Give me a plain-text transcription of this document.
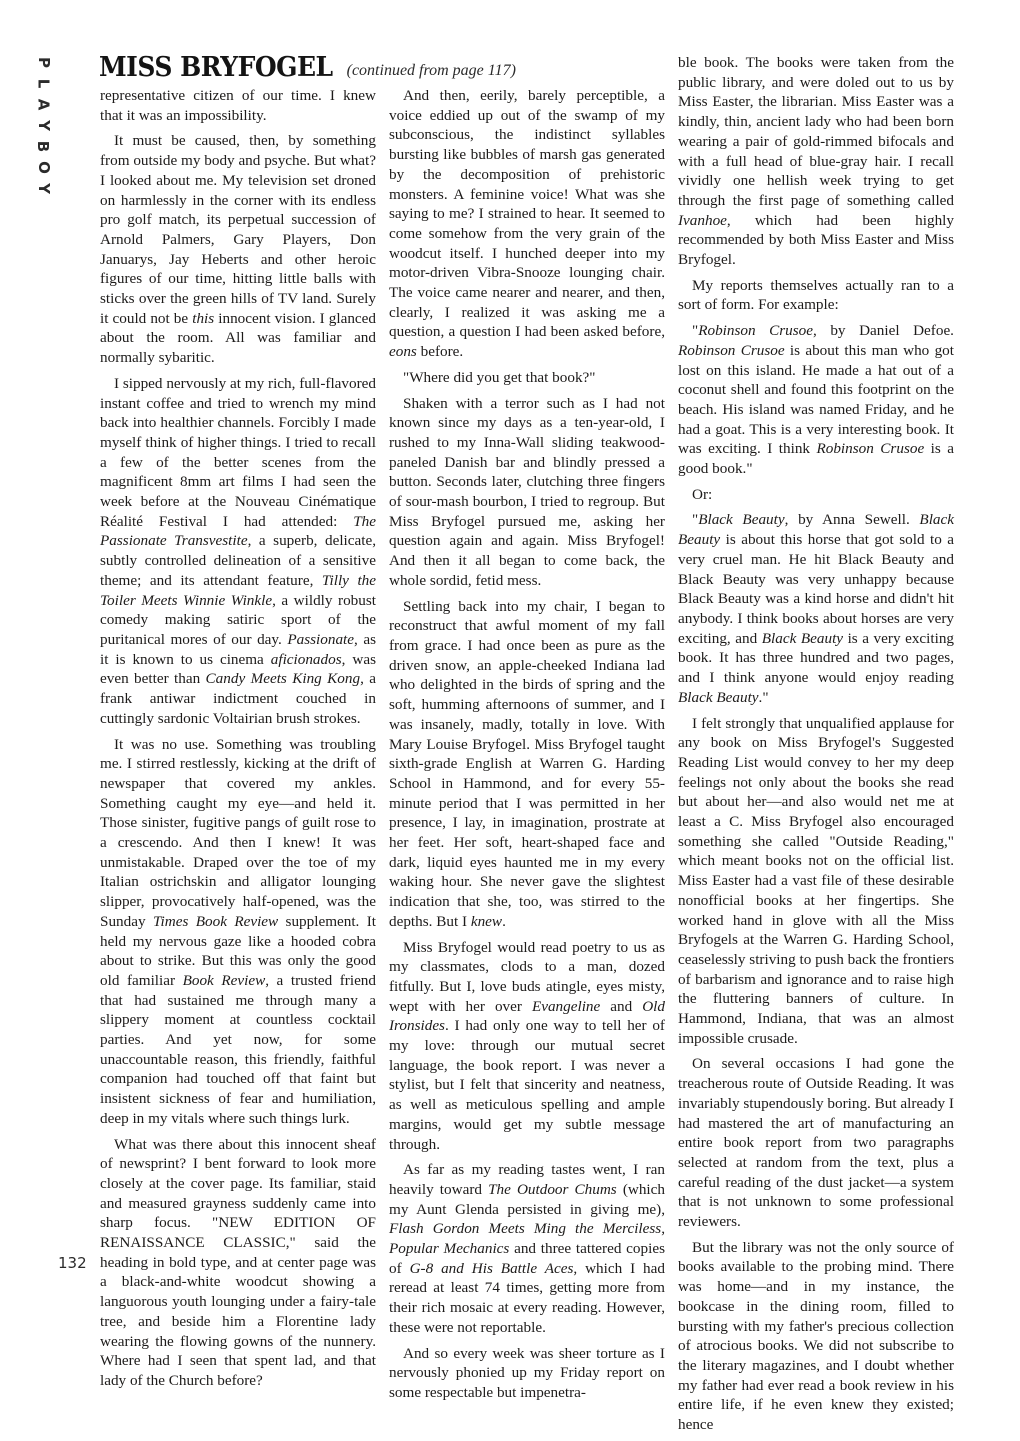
P
L
A
Y
B
O
Y
MISS BRYFOGEL (continued from page 117)

representative citizen of our time. I knew that it was an impossibility.

It must be caused, then, by something from outside my body and psyche. But what? I looked about me. My television set droned on harmlessly in the corner with its endless pro golf match, its perpetual succession of Arnold Palmers, Gary Players, Don Januarys, Jay Heberts and other heroic figures of our time, hitting little balls with sticks over the green hills of TV land. Surely it could not be this innocent vision. I glanced about the room. All was familiar and normally sybaritic.

I sipped nervously at my rich, full-flavored instant coffee and tried to wrench my mind back into healthier channels. Forcibly I made myself think of higher things. I tried to recall a few of the better scenes from the magnificent 8mm art films I had seen the week before at the Nouveau Cinématique Réalité Festival I had attended: The Passionate Transvestite, a superb, delicate, subtly controlled delineation of a sensitive theme; and its attendant feature, Tilly the Toiler Meets Winnie Winkle, a wildly robust comedy making satiric sport of the puritanical mores of our day. Passionate, as it is known to us cinema aficionados, was even better than Candy Meets King Kong, a frank antiwar indictment couched in cuttingly sardonic Voltairian brush strokes.

It was no use. Something was troubling me. I stirred restlessly, kicking at the drift of newspaper that covered my ankles. Something caught my eye—and held it. Those sinister, fugitive pangs of guilt rose to a crescendo. And then I knew! It was unmistakable. Draped over the toe of my Italian ostrichskin and alligator lounging slipper, provocatively half-opened, was the Sunday Times Book Review supplement. It held my nervous gaze like a hooded cobra about to strike. But this was only the good old familiar Book Review, a trusted friend that had sustained me through many a slippery moment at countless cocktail parties. And yet now, for some unaccountable reason, this friendly, faithful companion had touched off that faint but insistent sickness of fear and humiliation, deep in my vitals where such things lurk.

What was there about this innocent sheaf of newsprint? I bent forward to look more closely at the cover page. Its familiar, staid and measured grayness suddenly came into sharp focus. "NEW EDITION OF RENAISSANCE CLASSIC," said the heading in bold type, and at center page was a black-and-white woodcut showing a languorous youth lounging under a fairy-tale tree, and beside him a Florentine lady wearing the flowing gowns of the nunnery. Where had I seen that spent lad, and that lady of the Church before?

And then, eerily, barely perceptible, a voice eddied up out of the swamp of my subconscious, the indistinct syllables bursting like bubbles of marsh gas generated by the decomposition of prehistoric monsters. A feminine voice! What was she saying to me? I strained to hear. It seemed to come somehow from the very grain of the woodcut itself. I hunched deeper into my motor-driven Vibra-Snooze lounging chair. The voice came nearer and nearer, and then, clearly, I realized it was asking me a question, a question I had been asked before, eons before.

"Where did you get that book?"

Shaken with a terror such as I had not known since my days as a ten-year-old, I rushed to my Inna-Wall sliding teakwood-paneled Danish bar and blindly pressed a button. Seconds later, clutching three fingers of sour-mash bourbon, I tried to regroup. But Miss Bryfogel pursued me, asking her question again and again. Miss Bryfogel! And then it all began to come back, the whole sordid, fetid mess.

Settling back into my chair, I began to reconstruct that awful moment of my fall from grace. I had once been as pure as the driven snow, an apple-cheeked Indiana lad who delighted in the birds of spring and the soft, humming afternoons of summer, and I was insanely, madly, totally in love. With Mary Louise Bryfogel. Miss Bryfogel taught sixth-grade English at Warren G. Harding School in Hammond, and for every 55-minute period that I was permitted in her presence, I lay, in imagination, prostrate at her feet. Her soft, heart-shaped face and dark, liquid eyes haunted me in my every waking hour. She never gave the slightest indication that she, too, was stirred to the depths. But I knew.

Miss Bryfogel would read poetry to us as my classmates, clods to a man, dozed fitfully. But I, love buds atingle, eyes misty, wept with her over Evangeline and Old Ironsides. I had only one way to tell her of my love: through our mutual secret language, the book report. I was never a stylist, but I felt that sincerity and neatness, as well as meticulous spelling and ample margins, would get my subtle message through.

As far as my reading tastes went, I ran heavily toward The Outdoor Chums (which my Aunt Glenda persisted in giving me), Flash Gordon Meets Ming the Merciless, Popular Mechanics and three tattered copies of G-8 and His Battle Aces, which I had reread at least 74 times, getting more from their rich mosaic at every reading. However, these were not reportable.

And so every week was sheer torture as I nervously phonied up my Friday report on some respectable but impenetra-

ble book. The books were taken from the public library, and were doled out to us by Miss Easter, the librarian. Miss Easter was a kindly, thin, ancient lady who had been born wearing a pair of gold-rimmed bifocals and with a full head of blue-gray hair. I recall vividly one hellish week trying to get through the first page of something called Ivanhoe, which had been highly recommended by both Miss Easter and Miss Bryfogel.

My reports themselves actually ran to a sort of form. For example:

"Robinson Crusoe, by Daniel Defoe. Robinson Crusoe is about this man who got lost on this island. He made a hat out of a coconut shell and found this footprint on the beach. His island was named Friday, and he had a goat. This is a very interesting book. It was exciting. I think Robinson Crusoe is a good book."

Or:

"Black Beauty, by Anna Sewell. Black Beauty is about this horse that got sold to a very cruel man. He hit Black Beauty and Black Beauty was very unhappy because Black Beauty was a kind horse and didn't hit anybody. I think books about horses are very exciting, and Black Beauty is a very exciting book. It has three hundred and two pages, and I think anyone would enjoy reading Black Beauty."

I felt strongly that unqualified applause for any book on Miss Bryfogel's Suggested Reading List would convey to her my deep feelings not only about the books she read but about her—and also would net me at least a C. Miss Bryfogel also encouraged something she called "Outside Reading," which meant books not on the official list. Miss Easter had a vast file of these desirable nonofficial books at her fingertips. She worked hand in glove with all the Miss Bryfogels at the Warren G. Harding School, ceaselessly striving to push back the frontiers of barbarism and ignorance and to raise high the fluttering banners of culture. In Hammond, Indiana, that was an almost impossible crusade.

On several occasions I had gone the treacherous route of Outside Reading. It was invariably stupendously boring. But already I had mastered the art of manufacturing an entire book report from two paragraphs selected at random from the text, plus a careful reading of the dust jacket—a system that is not unknown to some professional reviewers.

But the library was not the only source of books available to the probing mind. There was home—and in my instance, the bookcase in the dining room, filled to bursting with my father's precious collection of atrocious books. We did not subscribe to the literary magazines, and I doubt whether my father had ever read a book review in his entire life, if he even knew they existed; hence

132
